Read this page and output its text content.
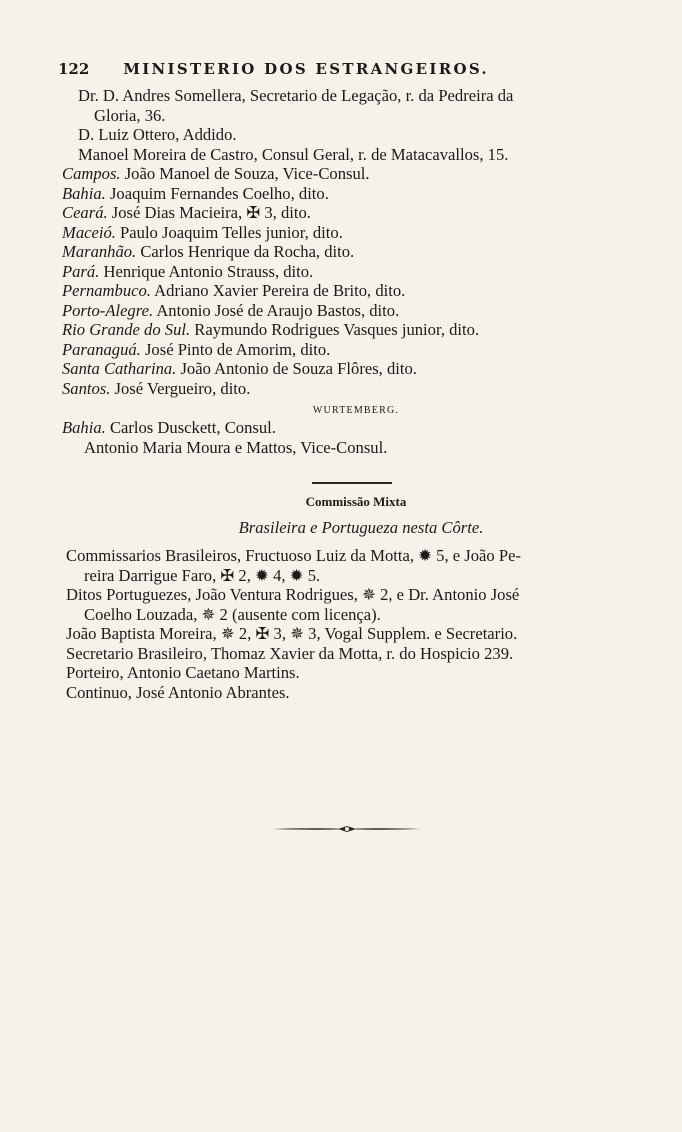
122 MINISTERIO DOS ESTRANGEIROS.
Dr. D. Andres Somellera, Secretario de Legação, r. da Pedreira da
Gloria, 36.
D. Luiz Ottero, Addido.
Manoel Moreira de Castro, Consul Geral, r. de Matacavallos, 15.
Campos. João Manoel de Souza, Vice-Consul.
Bahia. Joaquim Fernandes Coelho, dito.
Ceará. José Dias Macieira, ✠ 3, dito.
Maceió. Paulo Joaquim Telles junior, dito.
Maranhão. Carlos Henrique da Rocha, dito.
Pará. Henrique Antonio Strauss, dito.
Pernambuco. Adriano Xavier Pereira de Brito, dito.
Porto-Alegre. Antonio José de Araujo Bastos, dito.
Rio Grande do Sul. Raymundo Rodrigues Vasques junior, dito.
Paranaguá. José Pinto de Amorim, dito.
Santa Catharina. João Antonio de Souza Flôres, dito.
Santos. José Vergueiro, dito.
WURTEMBERG.
Bahia. Carlos Dusckett, Consul.
Antonio Maria Moura e Mattos, Vice-Consul.
Commissão Mixta
Brasileira e Portugueza nesta Côrte.
Commissarios Brasileiros, Fructuoso Luiz da Motta, ✹ 5, e João Pe-
reira Darrigue Faro, ✠ 2, ✹ 4, ✹ 5.
Ditos Portuguezes, João Ventura Rodrigues, ✵ 2, e Dr. Antonio José
Coelho Louzada, ✵ 2 (ausente com licença).
João Baptista Moreira, ✵ 2, ✠ 3, ✵ 3, Vogal Supplem. e Secretario.
Secretario Brasileiro, Thomaz Xavier da Motta, r. do Hospicio 239.
Porteiro, Antonio Caetano Martins.
Continuo, José Antonio Abrantes.
